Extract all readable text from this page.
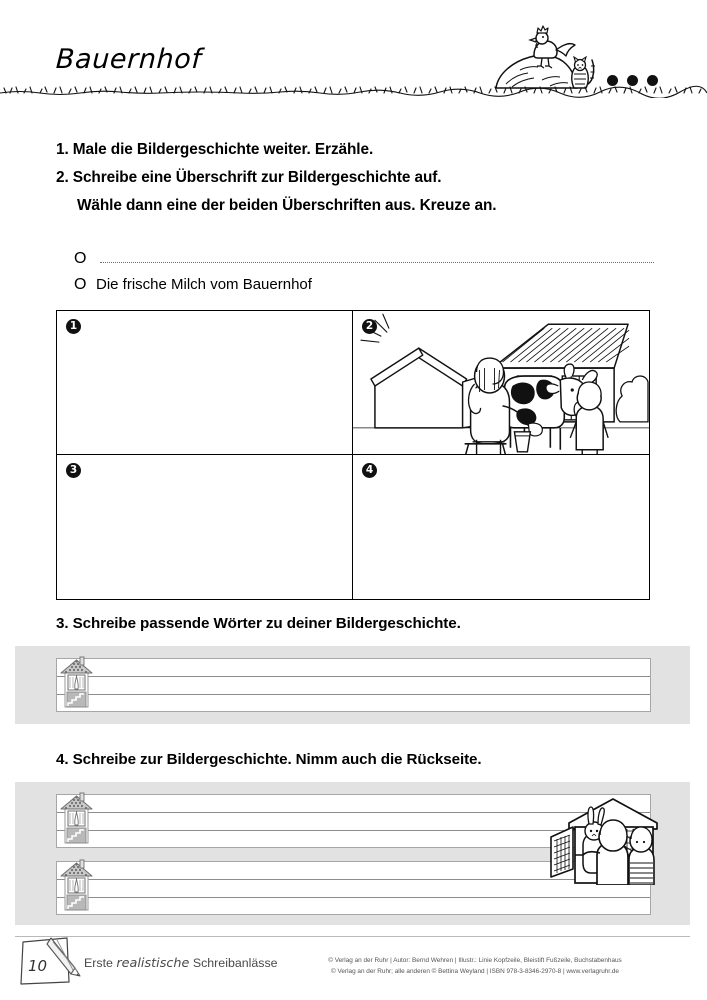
Bauernhof
1. Male die Bildergeschichte weiter. Erzähle.
2. Schreibe eine Überschrift zur Bildergeschichte auf.
Wähle dann eine der beiden Überschriften aus. Kreuze an.
O
O Die frische Milch vom Bauernhof
1	2
3	4
3. Schreibe passende Wörter zu deiner Bildergeschichte.
4. Schreibe zur Bildergeschichte. Nimm auch die Rückseite.
10	Erste realistische Schreibanlässe	© Verlag an der Ruhr | Autor: Bernd Wehren | Illustr.: Linie Kopfzeile, Bleistift Fußzeile, Buchstabenhaus
© Verlag an der Ruhr; alle anderen © Bettina Weyland | ISBN 978-3-8346-2970-8 | www.verlagruhr.de
